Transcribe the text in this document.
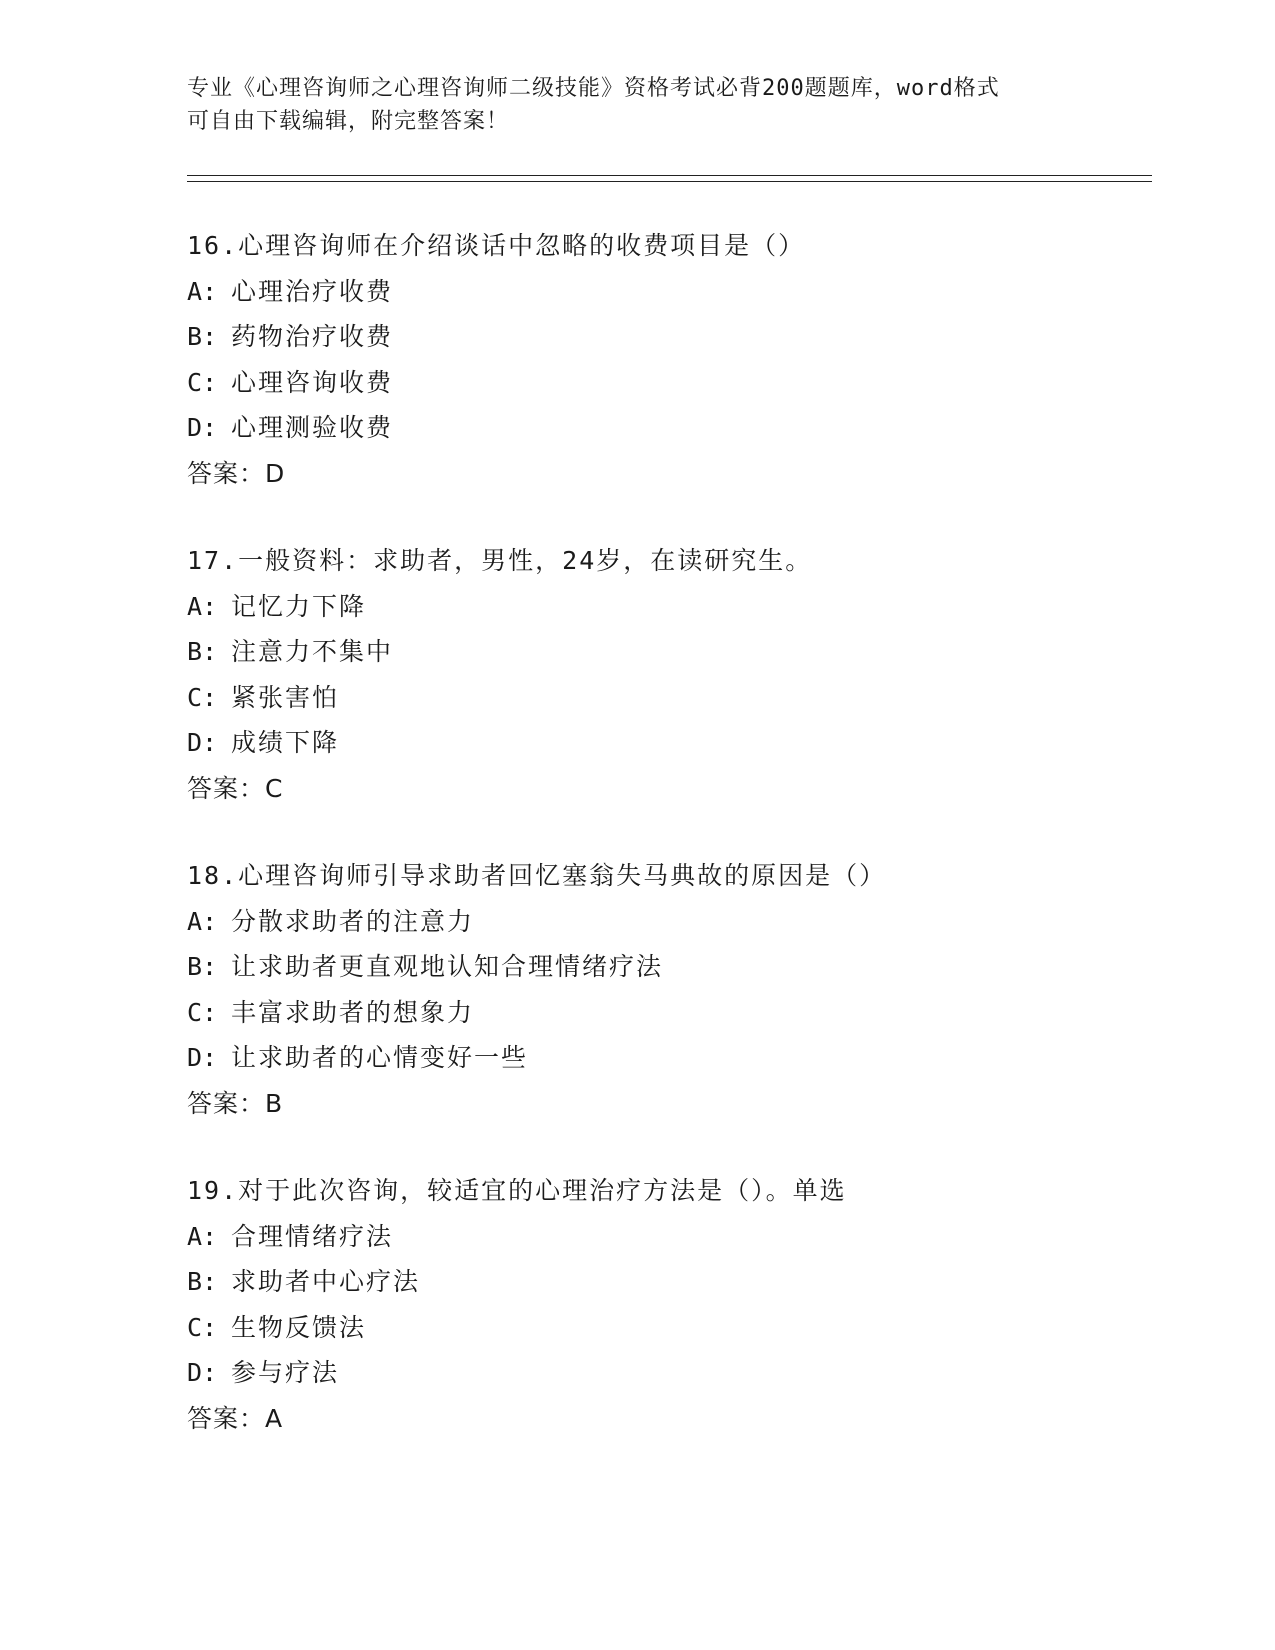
专业《心理咨询师之心理咨询师二级技能》资格考试必背200题题库，word格式
可自由下载编辑，附完整答案！
16.心理咨询师在介绍谈话中忽略的收费项目是（）
A: 心理治疗收费
B: 药物治疗收费
C: 心理咨询收费
D: 心理测验收费
答案：D
17.一般资料：求助者，男性，24岁，在读研究生。
A: 记忆力下降
B: 注意力不集中
C: 紧张害怕
D: 成绩下降
答案：C
18.心理咨询师引导求助者回忆塞翁失马典故的原因是（）
A: 分散求助者的注意力
B: 让求助者更直观地认知合理情绪疗法
C: 丰富求助者的想象力
D: 让求助者的心情变好一些
答案：B
19.对于此次咨询，较适宜的心理治疗方法是（）。单选
A: 合理情绪疗法
B: 求助者中心疗法
C: 生物反馈法
D: 参与疗法
答案：A
